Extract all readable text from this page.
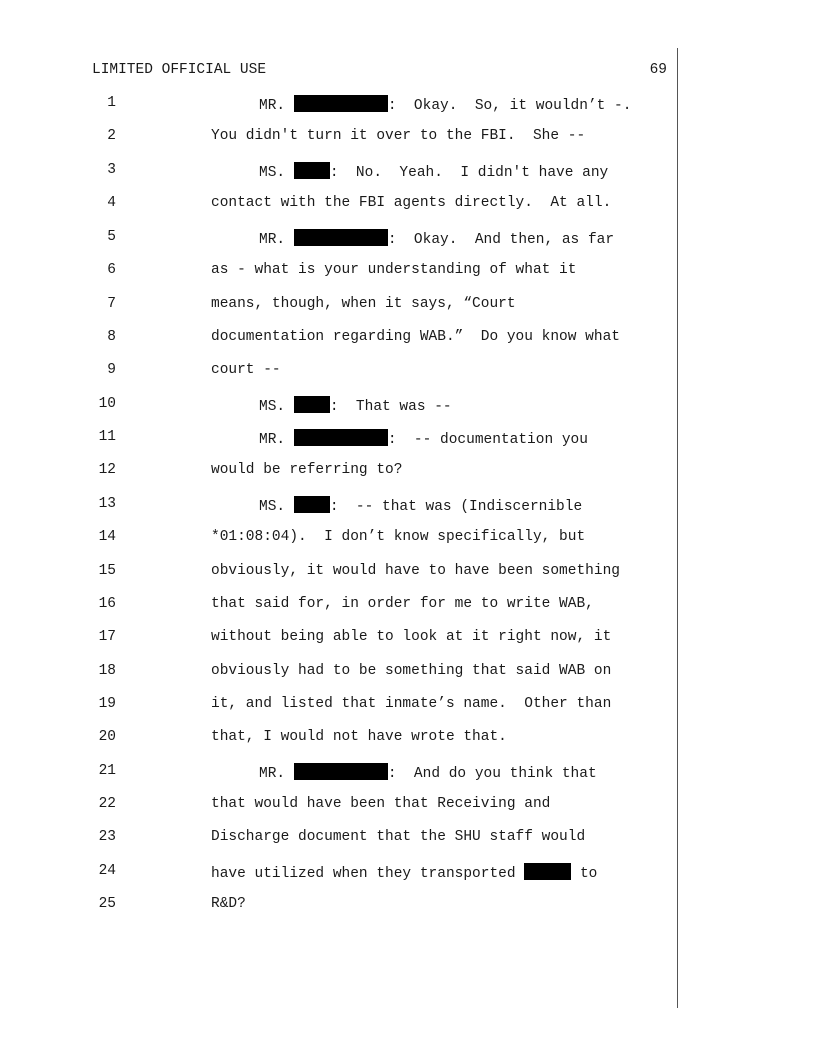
LIMITED OFFICIAL USE	69
1	MR.	:  Okay.  So, it wouldn’t -.
2	You didn't turn it over to the FBI.  She --
3	MS. :  No.  Yeah.  I didn't have any
4	contact with the FBI agents directly.  At all.
5	MR.	:  Okay.  And then, as far
6	as - what is your understanding of what it
7	means, though, when it says, “Court
8	documentation regarding WAB.”  Do you know what
9	court --
10	MS. :  That was --
11	MR.	:  -- documentation you
12	would be referring to?
13	MS. :  -- that was (Indiscernible
14	*01:08:04).  I don’t know specifically, but
15	obviously, it would have to have been something
16	that said for, in order for me to write WAB,
17	without being able to look at it right now, it
18	obviously had to be something that said WAB on
19	it, and listed that inmate’s name.  Other than
20	that, I would not have wrote that.
21	MR.	:  And do you think that
22	that would have been that Receiving and
23	Discharge document that the SHU staff would
24	have utilized when they transported	to
25	R&D?
